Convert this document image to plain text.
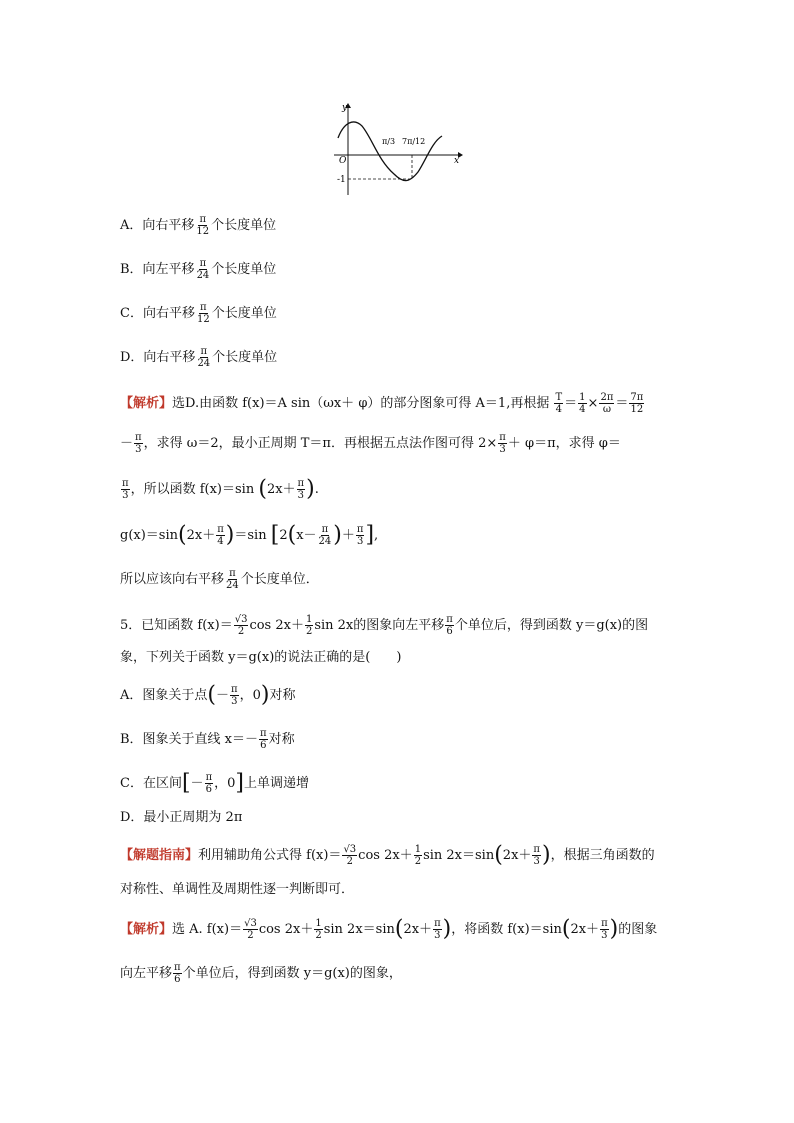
y
x
O
π/3 7π/12
-1
A．向右平移 $\frac{\pi}{12}$ 个长度单位
B．向左平移 $\frac{\pi}{24}$ 个长度单位
C．向右平移 $\frac{\pi}{12}$ 个长度单位
D．向右平移 $\frac{\pi}{24}$ 个长度单位
【解析】选D.由函数 f(x)＝A sin（ωx＋ φ）的部分图象可得 A＝1,再根据 $\frac{T}{4} = \frac{1}{4} \times \frac{2\pi}{\omega} = \frac{7\pi}{12}$
－ $\frac{\pi}{3}$ ，求得 ω＝2，最小正周期 T＝π．再根据五点法作图可得 $2\times \frac{\pi}{3} + \varphi=\pi$，求得 φ＝
$\frac{\pi}{3}$ ，所以函数 f(x)＝sin ($2x+ \frac{\pi}{3}$ ).
$g(x)=\sin(2x+ \frac{\pi}{4} )=\sin$ [$2(x- \frac{\pi}{24}$ )＋ $\frac{\pi}{3}$ ],
所以应该向右平移 $\frac{\pi}{24}$ 个长度单位．
5．已知函数 $f(x)= \frac{√3}{2}$ $\cos 2x+ \frac{1}{2}$ sin 2x的图象向左平移 $\frac{\pi}{6}$ 个单位后，得到函数 y＝g(x)的图
象，下列关于函数 y＝g(x)的说法正确的是(　　)
A．图象关于点(－ $\frac{\pi}{3}$ ，0)对称
B．图象关于直线 $x=- \frac{\pi}{6}$ 对称
C．在区间[－ $\frac{\pi}{6}$ ，0]上单调递增
D．最小正周期为 2π
【解题指南】利用辅助角公式得 $f(x)= \frac{√3}{2}$ $\cos 2x+ \frac{1}{2}$ $\sin 2x=\sin(2x+ \frac{\pi}{3}$ )，根据三角函数的
对称性、单调性及周期性逐一判断即可．
【解析】选 A. $f(x)= \frac{√3}{2}$ $\cos 2x+ \frac{1}{2}$ $\sin 2x=\sin(2x+ \frac{\pi}{3}$ )，将函数 $f(x)=\sin(2x+ \frac{\pi}{3}$ )的图象
向左平移 $\frac{\pi}{6}$ 个单位后，得到函数 y＝g(x)的图象，
